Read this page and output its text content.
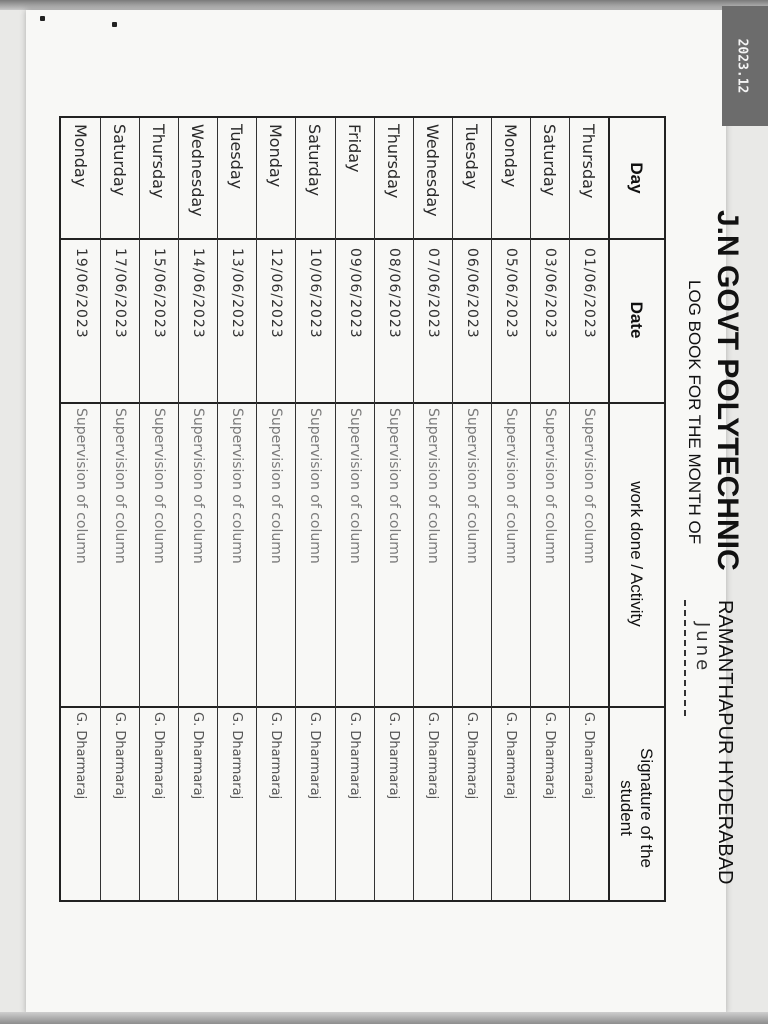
2023.12
J.N GOVT POLYTECHNIC
RAMANTHAPUR HYDERABAD
LOG BOOK FOR THE MONTH OF
June
Day
Date
work done / Activity
Signature of the student
Thursday
01/06/2023
Supervision of column
G. Dharmaraj
Saturday
03/06/2023
Supervision of column
G. Dharmaraj
Monday
05/06/2023
Supervision of column
G. Dharmaraj
Tuesday
06/06/2023
Supervision of column
G. Dharmaraj
Wednesday
07/06/2023
Supervision of column
G. Dharmaraj
Thursday
08/06/2023
Supervision of column
G. Dharmaraj
Friday
09/06/2023
Supervision of column
G. Dharmaraj
Saturday
10/06/2023
Supervision of column
G. Dharmaraj
Monday
12/06/2023
Supervision of column
G. Dharmaraj
Tuesday
13/06/2023
Supervision of column
G. Dharmaraj
Wednesday
14/06/2023
Supervision of column
G. Dharmaraj
Thursday
15/06/2023
Supervision of column
G. Dharmaraj
Saturday
17/06/2023
Supervision of column
G. Dharmaraj
Monday
19/06/2023
Supervision of column
G. Dharmaraj
